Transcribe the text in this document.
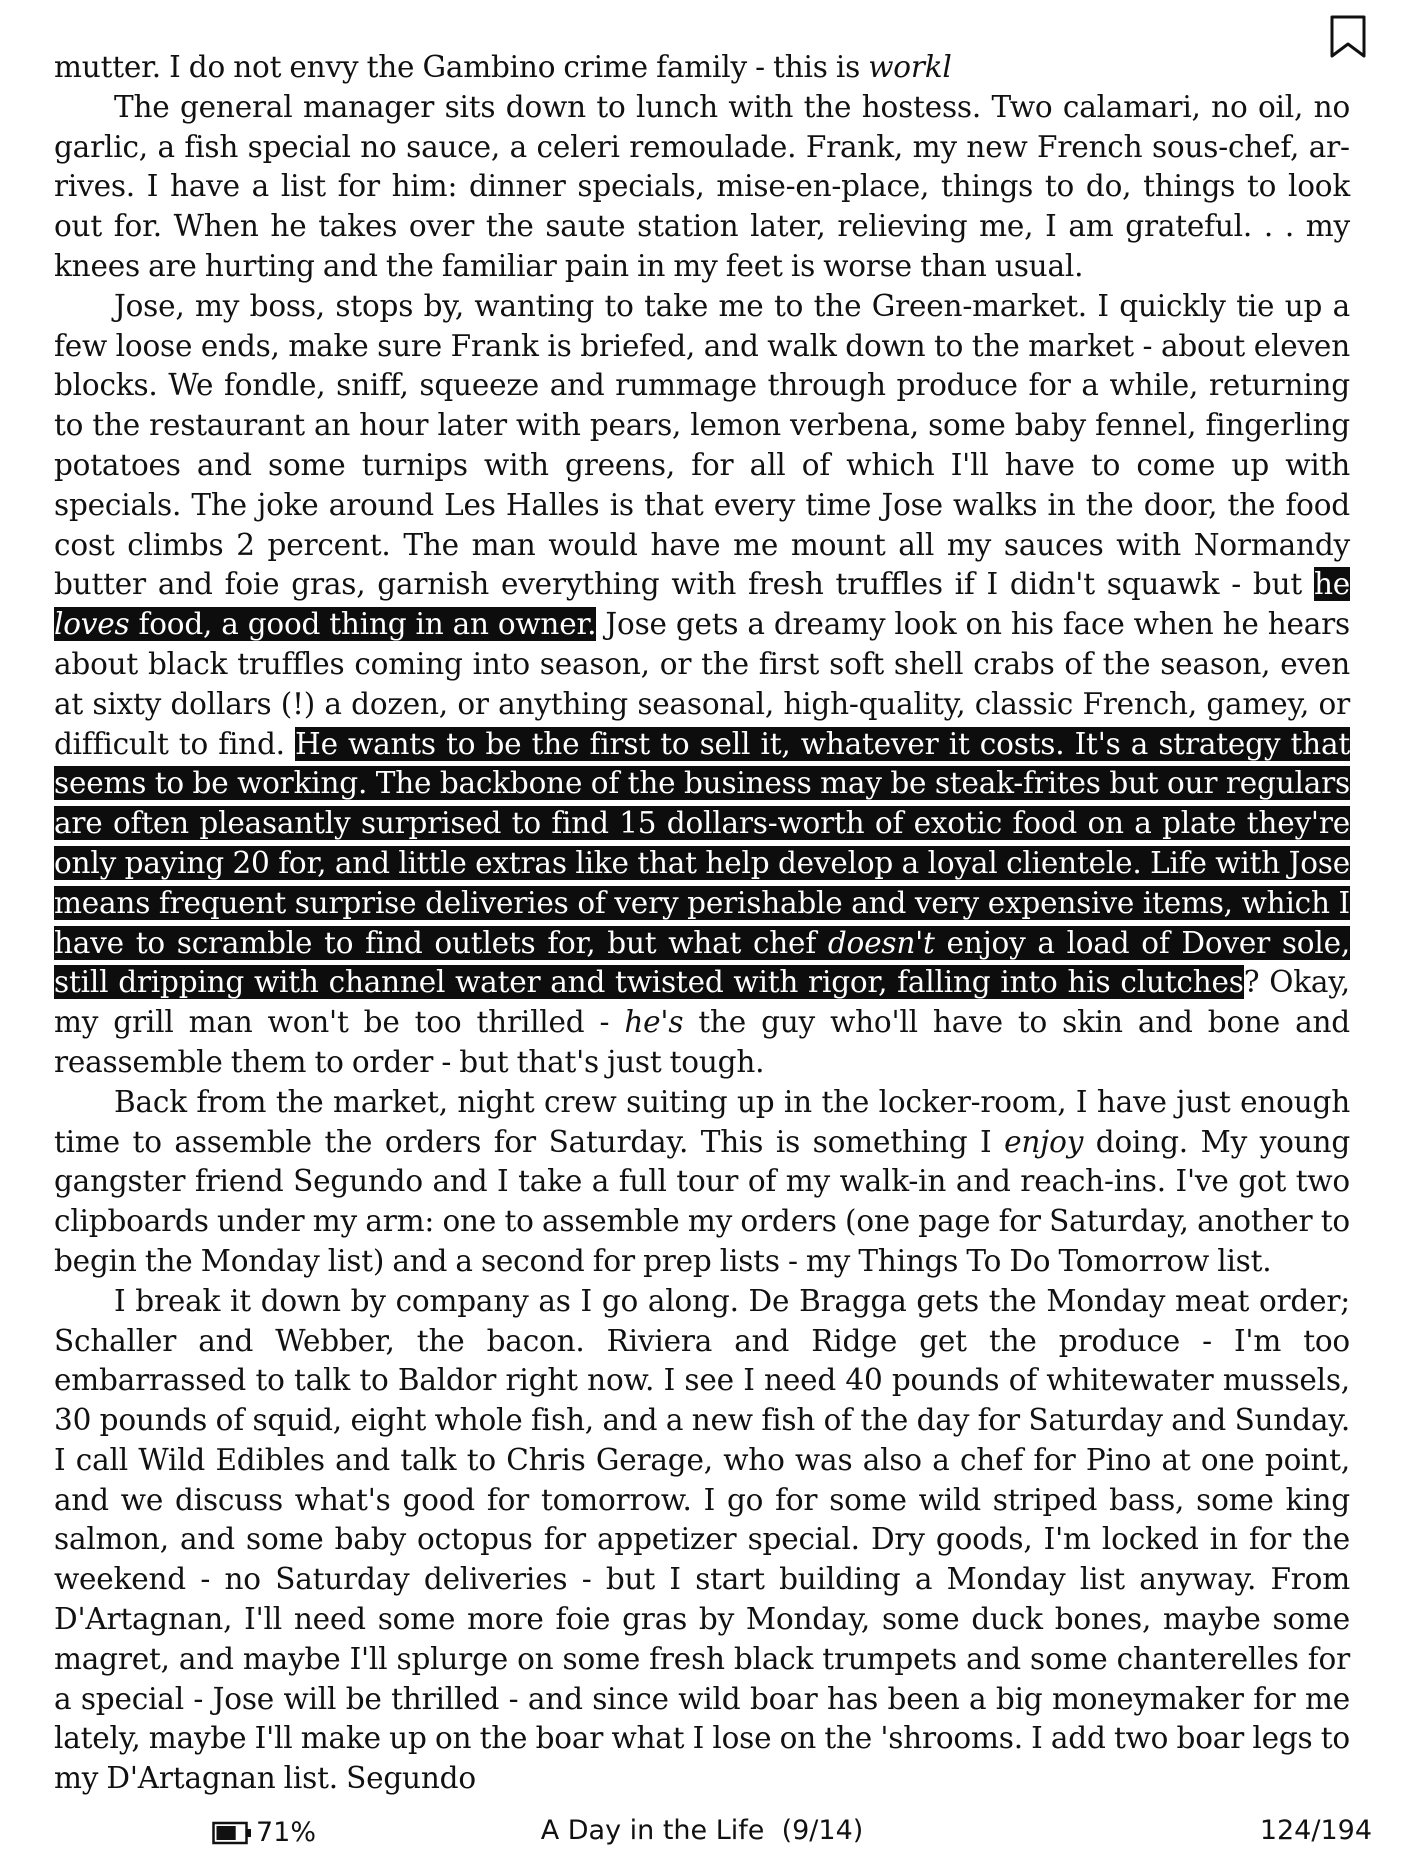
mutter. I do not envy the Gambino crime family - this is workl

The general manager sits down to lunch with the hostess. Two calamari, no oil, no garlic, a fish special no sauce, a celeri remoulade. Frank, my new French sous-chef, arrives. I have a list for him: dinner specials, mise-en-place, things to do, things to look out for. When he takes over the saute station later, relieving me, I am grateful. . . my knees are hurting and the familiar pain in my feet is worse than usual.

Jose, my boss, stops by, wanting to take me to the Green-market. I quickly tie up a few loose ends, make sure Frank is briefed, and walk down to the market - about eleven blocks. We fondle, sniff, squeeze and rummage through produce for a while, returning to the restaurant an hour later with pears, lemon verbena, some baby fennel, fingerling potatoes and some turnips with greens, for all of which I'll have to come up with specials. The joke around Les Halles is that every time Jose walks in the door, the food cost climbs 2 percent. The man would have me mount all my sauces with Normandy butter and foie gras, garnish everything with fresh truffles if I didn't squawk - but he loves food, a good thing in an owner. Jose gets a dreamy look on his face when he hears about black truffles coming into season, or the first soft shell crabs of the season, even at sixty dollars (!) a dozen, or anything seasonal, high-quality, classic French, gamey, or difficult to find. He wants to be the first to sell it, whatever it costs. It's a strategy that seems to be working. The backbone of the business may be steak-frites but our regulars are often pleasantly surprised to find 15 dollars-worth of exotic food on a plate they're only paying 20 for, and little extras like that help develop a loyal clientele. Life with Jose means frequent surprise deliveries of very perishable and very expensive items, which I have to scramble to find outlets for, but what chef doesn't enjoy a load of Dover sole, still dripping with channel water and twisted with rigor, falling into his clutches? Okay, my grill man won't be too thrilled - he's the guy who'll have to skin and bone and reassemble them to order - but that's just tough.

Back from the market, night crew suiting up in the locker-room, I have just enough time to assemble the orders for Saturday. This is something I enjoy doing. My young gangster friend Segundo and I take a full tour of my walk-in and reach-ins. I've got two clipboards under my arm: one to assemble my orders (one page for Saturday, another to begin the Monday list) and a second for prep lists - my Things To Do Tomorrow list.

I break it down by company as I go along. De Bragga gets the Monday meat order; Schaller and Webber, the bacon. Riviera and Ridge get the produce - I'm too embarrassed to talk to Baldor right now. I see I need 40 pounds of whitewater mussels, 30 pounds of squid, eight whole fish, and a new fish of the day for Saturday and Sunday. I call Wild Edibles and talk to Chris Gerage, who was also a chef for Pino at one point, and we discuss what's good for tomorrow. I go for some wild striped bass, some king salmon, and some baby octopus for appetizer special. Dry goods, I'm locked in for the weekend - no Saturday deliveries - but I start building a Monday list anyway. From D'Artagnan, I'll need some more foie gras by Monday, some duck bones, maybe some magret, and maybe I'll splurge on some fresh black trumpets and some chanterelles for a special - Jose will be thrilled - and since wild boar has been a big moneymaker for me lately, maybe I'll make up on the boar what I lose on the 'shrooms. I add two boar legs to my D'Artagnan list. Segundo

71%	A Day in the Life (9/14)	124/194
